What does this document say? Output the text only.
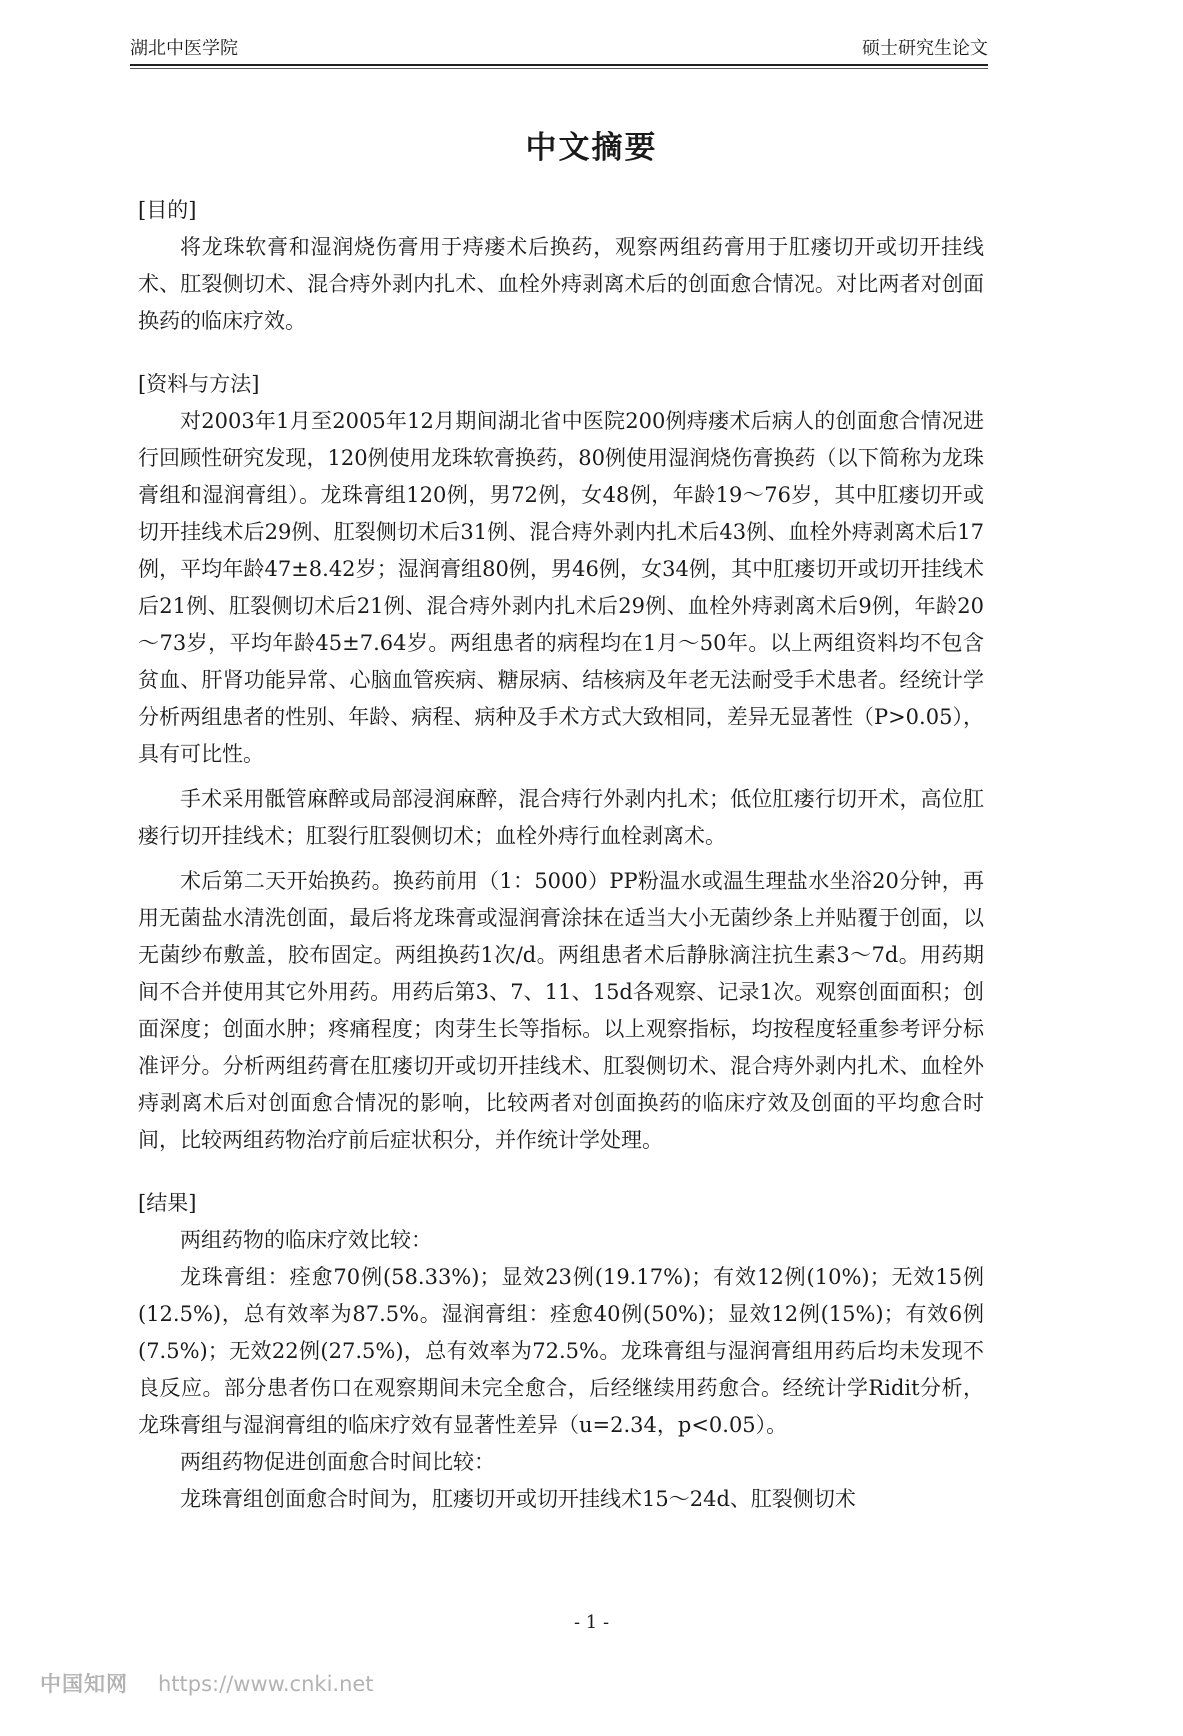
湖北中医学院	硕士研究生论文
中文摘要

[目的]

将龙珠软膏和湿润烧伤膏用于痔瘘术后换药，观察两组药膏用于肛瘘切开或切开挂线术、肛裂侧切术、混合痔外剥内扎术、血栓外痔剥离术后的创面愈合情况。对比两者对创面换药的临床疗效。

[资料与方法]

对2003年1月至2005年12月期间湖北省中医院200例痔瘘术后病人的创面愈合情况进行回顾性研究发现，120例使用龙珠软膏换药，80例使用湿润烧伤膏换药（以下简称为龙珠膏组和湿润膏组）。龙珠膏组120例，男72例，女48例，年龄19～76岁，其中肛瘘切开或切开挂线术后29例、肛裂侧切术后31例、混合痔外剥内扎术后43例、血栓外痔剥离术后17例，平均年龄47±8.42岁；湿润膏组80例，男46例，女34例，其中肛瘘切开或切开挂线术后21例、肛裂侧切术后21例、混合痔外剥内扎术后29例、血栓外痔剥离术后9例，年龄20～73岁，平均年龄45±7.64岁。两组患者的病程均在1月～50年。以上两组资料均不包含贫血、肝肾功能异常、心脑血管疾病、糖尿病、结核病及年老无法耐受手术患者。经统计学分析两组患者的性别、年龄、病程、病种及手术方式大致相同，差异无显著性（P>0.05），具有可比性。

手术采用骶管麻醉或局部浸润麻醉，混合痔行外剥内扎术；低位肛瘘行切开术，高位肛瘘行切开挂线术；肛裂行肛裂侧切术；血栓外痔行血栓剥离术。

术后第二天开始换药。换药前用（1：5000）PP粉温水或温生理盐水坐浴20分钟，再用无菌盐水清洗创面，最后将龙珠膏或湿润膏涂抹在适当大小无菌纱条上并贴覆于创面，以无菌纱布敷盖，胶布固定。两组换药1次/d。两组患者术后静脉滴注抗生素3～7d。用药期间不合并使用其它外用药。用药后第3、7、11、15d各观察、记录1次。观察创面面积；创面深度；创面水肿；疼痛程度；肉芽生长等指标。以上观察指标，均按程度轻重参考评分标准评分。分析两组药膏在肛瘘切开或切开挂线术、肛裂侧切术、混合痔外剥内扎术、血栓外痔剥离术后对创面愈合情况的影响，比较两者对创面换药的临床疗效及创面的平均愈合时间，比较两组药物治疗前后症状积分，并作统计学处理。

[结果]

两组药物的临床疗效比较：

龙珠膏组：痊愈70例(58.33%)；显效23例(19.17%)；有效12例(10%)；无效15例(12.5%)，总有效率为87.5%。湿润膏组：痊愈40例(50%)；显效12例(15%)；有效6例(7.5%)；无效22例(27.5%)，总有效率为72.5%。龙珠膏组与湿润膏组用药后均未发现不良反应。部分患者伤口在观察期间未完全愈合，后经继续用药愈合。经统计学Ridit分析，龙珠膏组与湿润膏组的临床疗效有显著性差异（u=2.34，p<0.05）。

两组药物促进创面愈合时间比较：

龙珠膏组创面愈合时间为，肛瘘切开或切开挂线术15～24d、肛裂侧切术

- 1 -
中国知网 https://www.cnki.net
